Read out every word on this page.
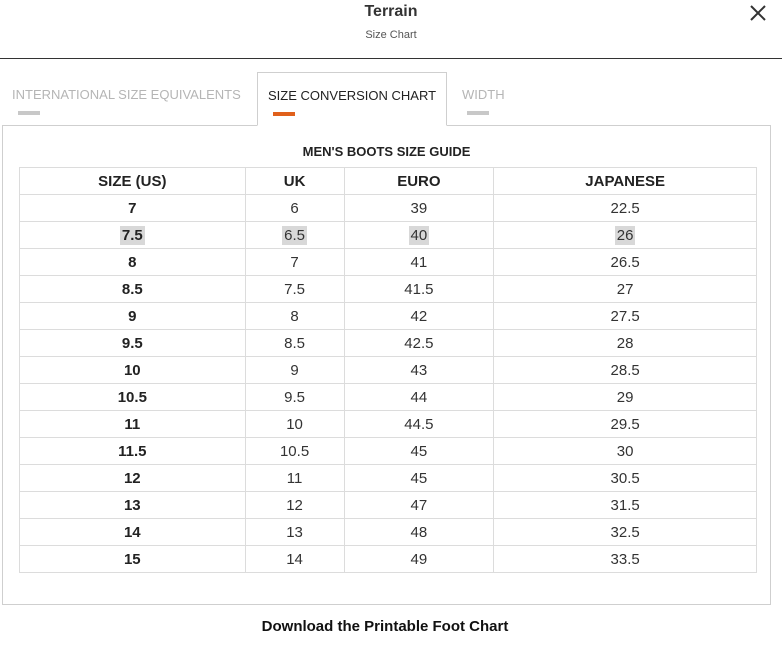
Terrain
Size Chart
INTERNATIONAL SIZE EQUIVALENTS SIZE CONVERSION CHART WIDTH
MEN'S BOOTS SIZE GUIDE
SIZE (US)	UK	EURO	JAPANESE
7	6	39	22.5
7.5	6.5	40	26
8	7	41	26.5
8.5	7.5	41.5	27
9	8	42	27.5
9.5	8.5	42.5	28
10	9	43	28.5
10.5	9.5	44	29
11	10	44.5	29.5
11.5	10.5	45	30
12	11	45	30.5
13	12	47	31.5
14	13	48	32.5
15	14	49	33.5
Download the Printable Foot Chart
